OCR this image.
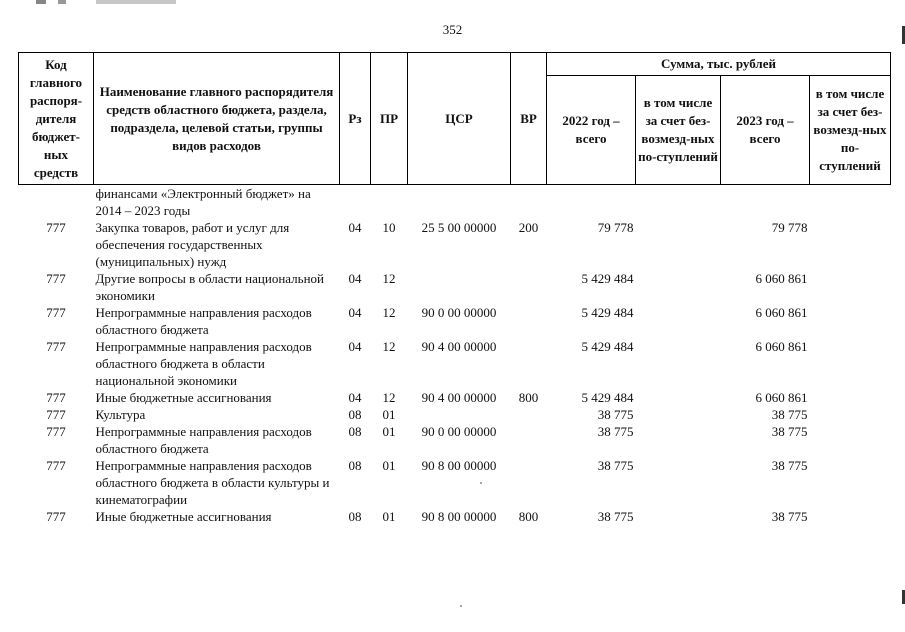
352
Код главного распоря-дителя бюджет-ных средств	Наименование главного распорядителя средств областного бюджета, раздела, подраздела, целевой статьи, группы видов расходов	Рз	ПР	ЦСР	ВР	Сумма, тыс. рублей			
						2022 год – всего	в том числе за счет без-возмезд-ных по-ступлений	2023 год – всего	в том числе за счет без-возмезд-ных по-ступлений
	финансами «Электронный бюджет» на 2014 – 2023 годы								
777	Закупка товаров, работ и услуг для обеспечения государственных (муниципальных) нужд	04	10	25 5 00 00000	200	79 778		79 778	
777	Другие вопросы в области национальной экономики	04	12			5 429 484		6 060 861	
777	Непрограммные направления расходов областного бюджета	04	12	90 0 00 00000		5 429 484		6 060 861	
777	Непрограммные направления расходов областного бюджета в области национальной экономики	04	12	90 4 00 00000		5 429 484		6 060 861	
777	Иные бюджетные ассигнования	04	12	90 4 00 00000	800	5 429 484		6 060 861	
777	Культура	08	01			38 775		38 775	
777	Непрограммные направления расходов областного бюджета	08	01	90 0 00 00000		38 775		38 775	
777	Непрограммные направления расходов областного бюджета в области культуры и кинематографии	08	01	90 8 00 00000		38 775		38 775	
777	Иные бюджетные ассигнования	08	01	90 8 00 00000	800	38 775		38 775	
